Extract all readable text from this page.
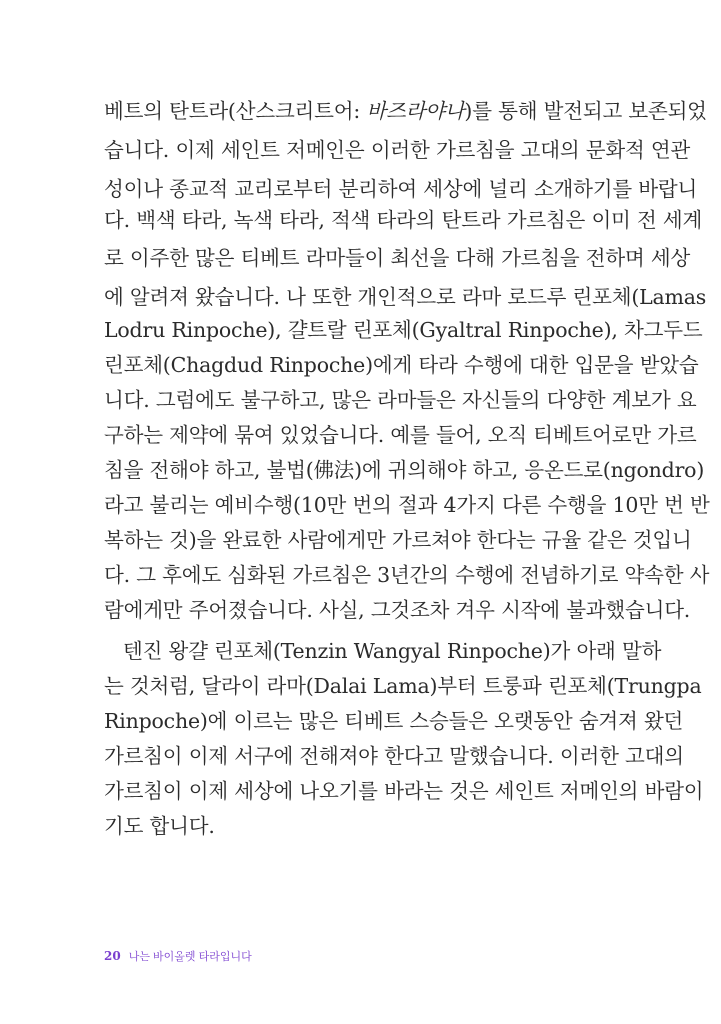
베트의 탄트라(산스크리트어: 바즈라야나)를 통해 발전되고 보존되었
습니다. 이제 세인트 저메인은 이러한 가르침을 고대의 문화적 연관
성이나 종교적 교리로부터 분리하여 세상에 널리 소개하기를 바랍니
다. 백색 타라, 녹색 타라, 적색 타라의 탄트라 가르침은 이미 전 세계
로 이주한 많은 티베트 라마들이 최선을 다해 가르침을 전하며 세상
에 알려져 왔습니다. 나 또한 개인적으로 라마 로드루 린포체(Lamas
Lodru Rinpoche), 걀트랄 린포체(Gyaltral Rinpoche), 차그두드
린포체(Chagdud Rinpoche)에게 타라 수행에 대한 입문을 받았습
니다. 그럼에도 불구하고, 많은 라마들은 자신들의 다양한 계보가 요
구하는 제약에 묶여 있었습니다. 예를 들어, 오직 티베트어로만 가르
침을 전해야 하고, 불법(佛法)에 귀의해야 하고, 응온드로(ngondro)
라고 불리는 예비수행(10만 번의 절과 4가지 다른 수행을 10만 번 반
복하는 것)을 완료한 사람에게만 가르쳐야 한다는 규율 같은 것입니
다. 그 후에도 심화된 가르침은 3년간의 수행에 전념하기로 약속한 사
람에게만 주어졌습니다. 사실, 그것조차 겨우 시작에 불과했습니다.
텐진 왕걀 린포체(Tenzin Wangyal Rinpoche)가 아래 말하
는 것처럼, 달라이 라마(Dalai Lama)부터 트룽파 린포체(Trungpa
Rinpoche)에 이르는 많은 티베트 스승들은 오랫동안 숨겨져 왔던
가르침이 이제 서구에 전해져야 한다고 말했습니다. 이러한 고대의
가르침이 이제 세상에 나오기를 바라는 것은 세인트 저메인의 바람이
기도 합니다.
20 나는 바이올렛 타라입니다
